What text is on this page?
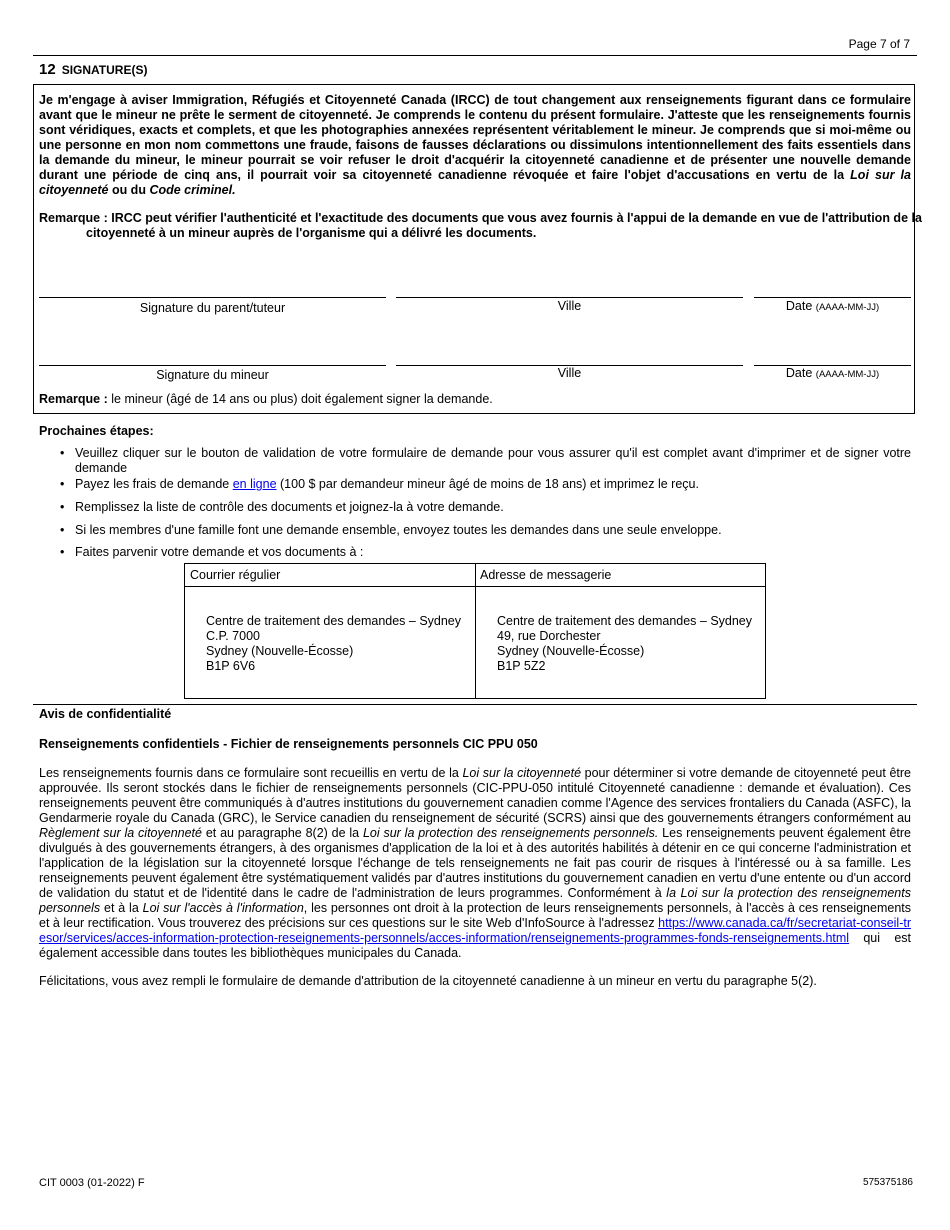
Page 7 of 7
12 SIGNATURE(S)
Je m'engage à aviser Immigration, Réfugiés et Citoyenneté Canada (IRCC) de tout changement aux renseignements figurant dans ce formulaire avant que le mineur ne prête le serment de citoyenneté. Je comprends le contenu du présent formulaire. J'atteste que les renseignements fournis sont véridiques, exacts et complets, et que les photographies annexées représentent véritablement le mineur. Je comprends que si moi-même ou une personne en mon nom commettons une fraude, faisons de fausses déclarations ou dissimulons intentionnellement des faits essentiels dans la demande du mineur, le mineur pourrait se voir refuser le droit d'acquérir la citoyenneté canadienne et de présenter une nouvelle demande durant une période de cinq ans, il pourrait voir sa citoyenneté canadienne révoquée et faire l'objet d'accusations en vertu de la Loi sur la citoyenneté ou du Code criminel.
Remarque : IRCC peut vérifier l'authenticité et l'exactitude des documents que vous avez fournis à l'appui de la demande en vue de l'attribution de la citoyenneté à un mineur auprès de l'organisme qui a délivré les documents.
Signature du parent/tuteur	Ville	Date (AAAA-MM-JJ)
Signature du mineur	Ville	Date (AAAA-MM-JJ)
Remarque : le mineur (âgé de 14 ans ou plus) doit également signer la demande.
Prochaines étapes:
• Veuillez cliquer sur le bouton de validation de votre formulaire de demande pour vous assurer qu'il est complet avant d'imprimer et de signer votre demande
• Payez les frais de demande en ligne (100 $ par demandeur mineur âgé de moins de 18 ans) et imprimez le reçu.
• Remplissez la liste de contrôle des documents et joignez-la à votre demande.
• Si les membres d'une famille font une demande ensemble, envoyez toutes les demandes dans une seule enveloppe.
• Faites parvenir votre demande et vos documents à :
Courrier régulier	Adresse de messagerie
Centre de traitement des demandes – Sydney
C.P. 7000
Sydney (Nouvelle-Écosse)
B1P 6V6
Centre de traitement des demandes – Sydney
49, rue Dorchester
Sydney (Nouvelle-Écosse)
B1P 5Z2
Avis de confidentialité
Renseignements confidentiels - Fichier de renseignements personnels CIC PPU 050
Les renseignements fournis dans ce formulaire sont recueillis en vertu de la Loi sur la citoyenneté pour déterminer si votre demande de citoyenneté peut être approuvée. Ils seront stockés dans le fichier de renseignements personnels (CIC-PPU-050 intitulé Citoyenneté canadienne : demande et évaluation). Ces renseignements peuvent être communiqués à d'autres institutions du gouvernement canadien comme l'Agence des services frontaliers du Canada (ASFC), la Gendarmerie royale du Canada (GRC), le Service canadien du renseignement de sécurité (SCRS) ainsi que des gouvernements étrangers conformément au Règlement sur la citoyenneté et au paragraphe 8(2) de la Loi sur la protection des renseignements personnels. Les renseignements peuvent également être divulgués à des gouvernements étrangers, à des organismes d'application de la loi et à des autorités habilités à détenir en ce qui concerne l'administration et l'application de la législation sur la citoyenneté lorsque l'échange de tels renseignements ne fait pas courir de risques à l'intéressé ou à sa famille. Les renseignements peuvent également être systématiquement validés par d'autres institutions du gouvernement canadien en vertu d'une entente ou d'un accord de validation du statut et de l'identité dans le cadre de l'administration de leurs programmes. Conformément à la Loi sur la protection des renseignements personnels et à la Loi sur l'accès à l'information, les personnes ont droit à la protection de leurs renseignements personnels, à l'accès à ces renseignements et à leur rectification. Vous trouverez des précisions sur ces questions sur le site Web d'InfoSource à l'adressez https://www.canada.ca/fr/secretariat-conseil-tresor/services/acces-information-protection-reseignements-personnels/acces-information/renseignements-programmes-fonds-renseignements.html qui est également accessible dans toutes les bibliothèques municipales du Canada.
Félicitations, vous avez rempli le formulaire de demande d'attribution de la citoyenneté canadienne à un mineur en vertu du paragraphe 5(2).
CIT 0003 (01-2022) F	575375186
